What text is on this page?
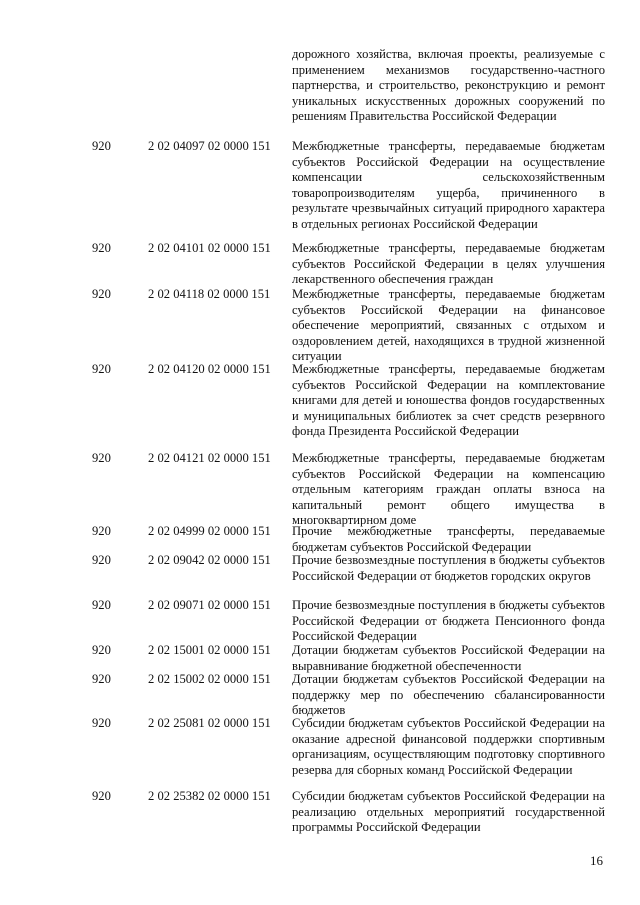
дорожного хозяйства, включая проекты, реализуемые с применением механизмов государственно-частного партнерства, и строительство, реконструкцию и ремонт уникальных искусственных дорожных сооружений по решениям Правительства Российской Федерации
920	2 02 04097 02 0000 151	Межбюджетные трансферты, передаваемые бюджетам субъектов Российской Федерации на осуществление компенсации сельскохозяйственным товаропроизводителям ущерба, причиненного в результате чрезвычайных ситуаций природного характера в отдельных регионах Российской Федерации
920	2 02 04101 02 0000 151	Межбюджетные трансферты, передаваемые бюджетам субъектов Российской Федерации в целях улучшения лекарственного обеспечения граждан
920	2 02 04118 02 0000 151	Межбюджетные трансферты, передаваемые бюджетам субъектов Российской Федерации на финансовое обеспечение мероприятий, связанных с отдыхом и оздоровлением детей, находящихся в трудной жизненной ситуации
920	2 02 04120 02 0000 151	Межбюджетные трансферты, передаваемые бюджетам субъектов Российской Федерации на комплектование книгами для детей и юношества фондов государственных и муниципальных библиотек за счет средств резервного фонда Президента Российской Федерации
920	2 02 04121 02 0000 151	Межбюджетные трансферты, передаваемые бюджетам субъектов Российской Федерации на компенсацию отдельным категориям граждан оплаты взноса на капитальный ремонт общего имущества в многоквартирном доме
920	2 02 04999 02 0000 151	Прочие межбюджетные трансферты, передаваемые бюджетам субъектов Российской Федерации
920	2 02 09042 02 0000 151	Прочие безвозмездные поступления в бюджеты субъектов Российской Федерации от бюджетов городских округов
920	2 02 09071 02 0000 151	Прочие безвозмездные поступления в бюджеты субъектов Российской Федерации от бюджета Пенсионного фонда Российской Федерации
920	2 02 15001 02 0000 151	Дотации бюджетам субъектов Российской Федерации на выравнивание бюджетной обеспеченности
920	2 02 15002 02 0000 151	Дотации бюджетам субъектов Российской Федерации на поддержку мер по обеспечению сбалансированности бюджетов
920	2 02 25081 02 0000 151	Субсидии бюджетам субъектов Российской Федерации на оказание адресной финансовой поддержки спортивным организациям, осуществляющим подготовку спортивного резерва для сборных команд Российской Федерации
920	2 02 25382 02 0000 151	Субсидии бюджетам субъектов Российской Федерации на реализацию отдельных мероприятий государственной программы Российской Федерации
16
